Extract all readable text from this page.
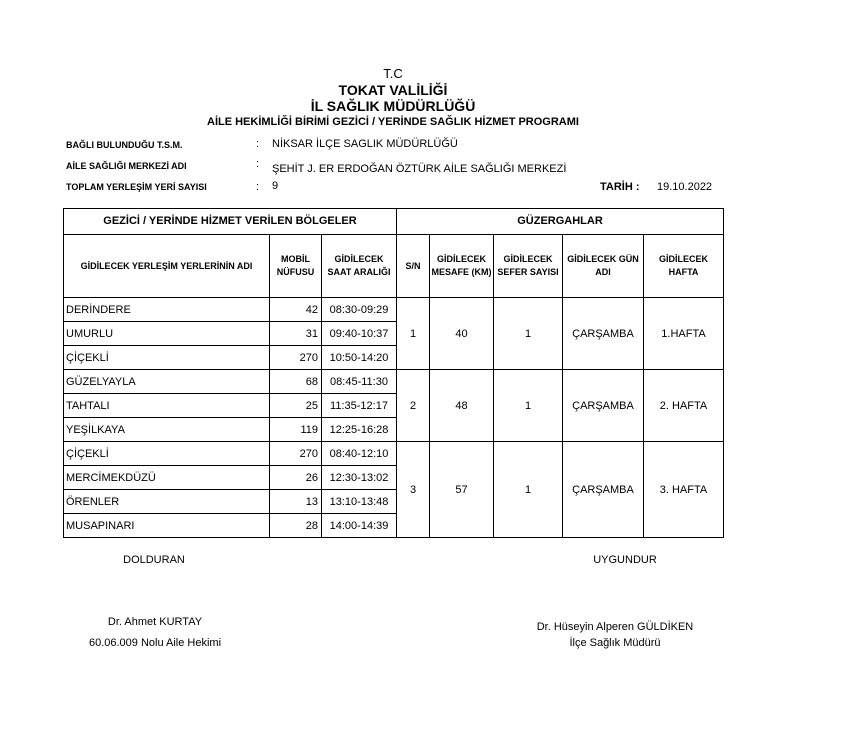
T.C
TOKAT VALİLİĞİ
İL SAĞLIK MÜDÜRLÜĞÜ
AİLE HEKİMLİĞİ BİRİMİ GEZİCİ / YERİNDE SAĞLIK HİZMET PROGRAMI
BAĞLI BULUNDUĞU T.S.M.	: NİKSAR İLÇE SAGLIK MÜDÜRLÜĞÜ
AİLE SAĞLIĞI MERKEZİ ADI	: ŞEHİT J. ER ERDOĞAN ÖZTÜRK AİLE SAĞLIĞI MERKEZİ
TOPLAM YERLEŞİM YERİ SAYISI	: 9	TARİH : 19.10.2022
GEZİCİ / YERİNDE HİZMET VERİLEN BÖLGELER			GÜZERGAHLAR				
GİDİLECEK YERLEŞİM YERLERİNİN ADI	MOBİL NÜFUSU	GİDİLECEK SAAT ARALIĞI	S/N	GİDİLECEK MESAFE (KM)	GİDİLECEK SEFER SAYISI	GİDİLECEK GÜN ADI	GİDİLECEK HAFTA
DERİNDERE	42	08:30-09:29	1	40	1	ÇARŞAMBA	1.HAFTA
UMURLU	31	09:40-10:37					
ÇİÇEKLİ	270	10:50-14:20					
GÜZELYAYLA	68	08:45-11:30	2	48	1	ÇARŞAMBA	2. HAFTA
TAHTALI	25	11:35-12:17					
YEŞİLKAYA	119	12:25-16:28					
ÇİÇEKLİ	270	08:40-12:10	3	57	1	ÇARŞAMBA	3. HAFTA
MERCİMEKDÜZÜ	26	12:30-13:02					
ÖRENLER	13	13:10-13:48					
MUSAPINARI	28	14:00-14:39					
DOLDURAN
Dr. Ahmet KURTAY
60.06.009 Nolu Aile Hekimi
UYGUNDUR
Dr. Hüseyin Alperen GÜLDİKEN
İlçe Sağlık Müdürü
